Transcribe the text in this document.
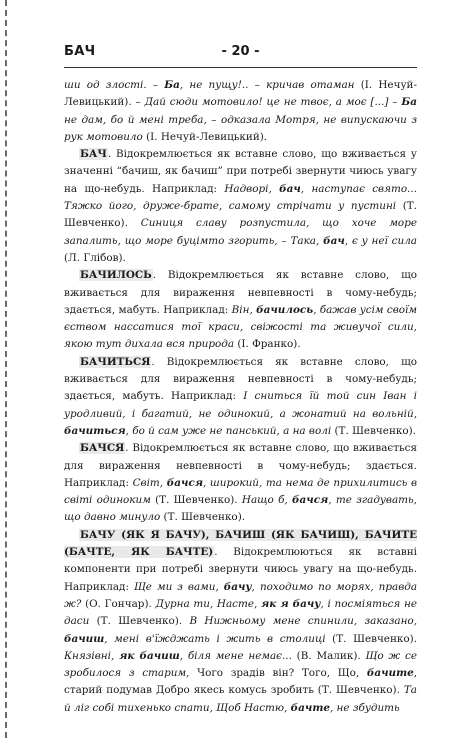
БАЧ	- 20 -

ши од злості. – Ба, не пущу!.. – кричав отаман (І. Нечуй-Левицький). – Дай сюди мотовило! це не твоє, а моє [...] – Ба не дам, бо й мені треба, – одказала Мотря, не випускаючи з рук мотовило (І. Нечуй-Левицький).

БАЧ. Відокремлюється як вставне слово, що вживається у значенні “бачиш, як бачиш” при потребі звернути чиюсь увагу на що-небудь. Наприклад: Надворі, бач, наступає свято... Тяжко його, друже-брате, самому стрічати у пустині (Т. Шевченко). Синиця славу розпустила, що хоче море запалить, що море буцімто згорить, – Така, бач, є у неї сила (Л. Глібов).

БАЧИЛОСЬ. Відокремлюється як вставне слово, що вживається для вираження невпевності в чому-небудь; здається, мабуть. Наприклад: Він, бачилось, бажав усім своїм єством нассатися тої краси, свіжості та живучої сили, якою тут дихала вся природа (І. Франко).

БАЧИТЬСЯ. Відокремлюється як вставне слово, що вживається для вираження невпевності в чому-небудь; здається, мабуть. Наприклад: І сниться їй той син Іван і уродливий, і багатий, не одинокий, а жонатий на вольній, бачиться, бо й сам уже не панський, а на волі (Т. Шевченко).

БАЧСЯ. Відокремлюється як вставне слово, що вживається для вираження невпевності в чому-небудь; здається. Наприклад: Світ, бачся, широкий, та нема де прихилитись в світі одиноким (Т. Шевченко). Нащо б, бачся, те згадувать, що давно минуло (Т. Шевченко).

БАЧУ (ЯК Я БАЧУ), БАЧИШ (ЯК БАЧИШ), БАЧИТЕ (БАЧТЕ, ЯК БАЧТЕ). Відокремлюються як вставні компоненти при потребі звернути чиюсь увагу на що-небудь. Наприклад: Ще ми з вами, бачу, походимо по морях, правда ж? (О. Гончар). Дурна ти, Насте, як я бачу, і посміяться не даси (Т. Шевченко). В Нижньому мене спинили, заказано, бачиш, мені в'їжджать і жить в столиці (Т. Шевченко). Князівні, як бачиш, біля мене немає... (В. Малик). Що ж се зробилося з старим, Чого зрадів він? Того, Що, бачите, старий подумав Добро якесь комусь зробить (Т. Шевченко). Та й ліг собі тихенько спати, Щоб Настю, бачте, не збудить
